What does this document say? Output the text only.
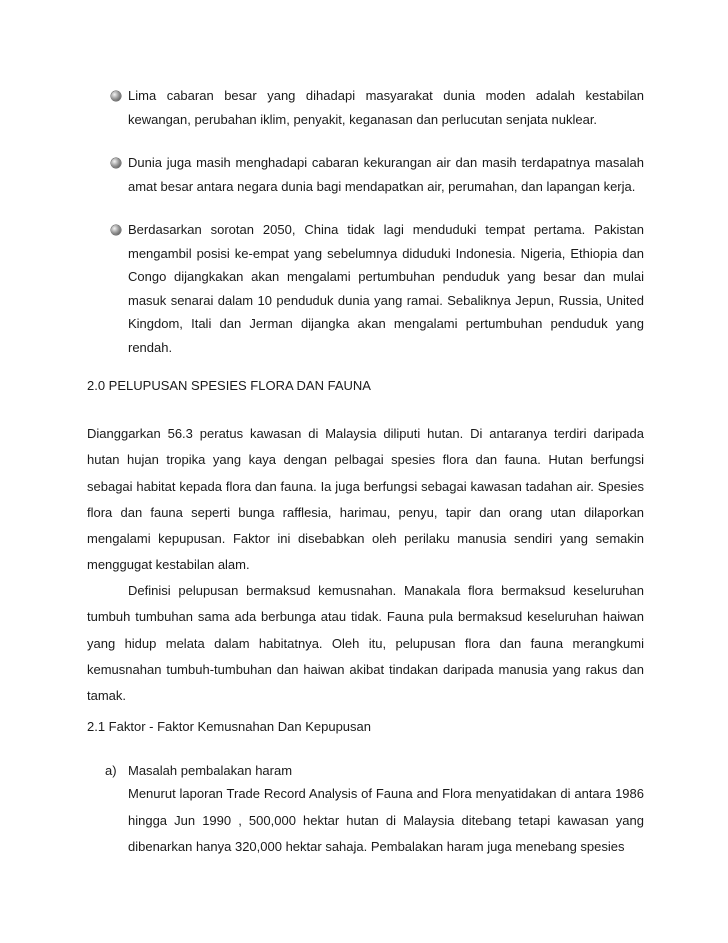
Lima cabaran besar yang dihadapi masyarakat dunia moden adalah kestabilan kewangan, perubahan iklim, penyakit, keganasan dan perlucutan senjata nuklear.
Dunia juga masih menghadapi cabaran kekurangan air dan masih terdapatnya masalah amat besar antara negara dunia bagi mendapatkan air, perumahan, dan lapangan kerja.
Berdasarkan sorotan 2050, China tidak lagi menduduki tempat pertama. Pakistan mengambil posisi ke-empat yang sebelumnya diduduki Indonesia. Nigeria, Ethiopia dan Congo dijangkakan akan mengalami pertumbuhan penduduk yang besar dan mulai masuk senarai dalam 10 penduduk dunia yang ramai. Sebaliknya Jepun, Russia, United Kingdom, Itali dan Jerman dijangka akan mengalami pertumbuhan penduduk yang rendah.
2.0 PELUPUSAN SPESIES FLORA DAN FAUNA
Dianggarkan 56.3 peratus kawasan di Malaysia diliputi hutan. Di antaranya terdiri daripada hutan hujan tropika yang kaya dengan pelbagai spesies flora dan fauna. Hutan berfungsi sebagai habitat kepada flora dan fauna. Ia juga berfungsi sebagai kawasan tadahan air. Spesies flora dan fauna seperti bunga rafflesia, harimau, penyu, tapir dan orang utan dilaporkan mengalami kepupusan. Faktor ini disebabkan oleh perilaku manusia sendiri yang semakin menggugat kestabilan alam.
Definisi pelupusan bermaksud kemusnahan. Manakala flora bermaksud keseluruhan tumbuh tumbuhan sama ada berbunga atau tidak. Fauna pula bermaksud keseluruhan haiwan yang hidup melata dalam habitatnya. Oleh itu, pelupusan flora dan fauna merangkumi kemusnahan tumbuh-tumbuhan dan haiwan akibat tindakan daripada manusia yang rakus dan tamak.
2.1 Faktor - Faktor Kemusnahan Dan Kepupusan
a) Masalah pembalakan haram
Menurut laporan Trade Record Analysis of Fauna and Flora menyatidakan di antara 1986 hingga Jun 1990 , 500,000 hektar hutan di Malaysia ditebang tetapi kawasan yang dibenarkan hanya 320,000 hektar sahaja. Pembalakan haram juga menebang spesies
